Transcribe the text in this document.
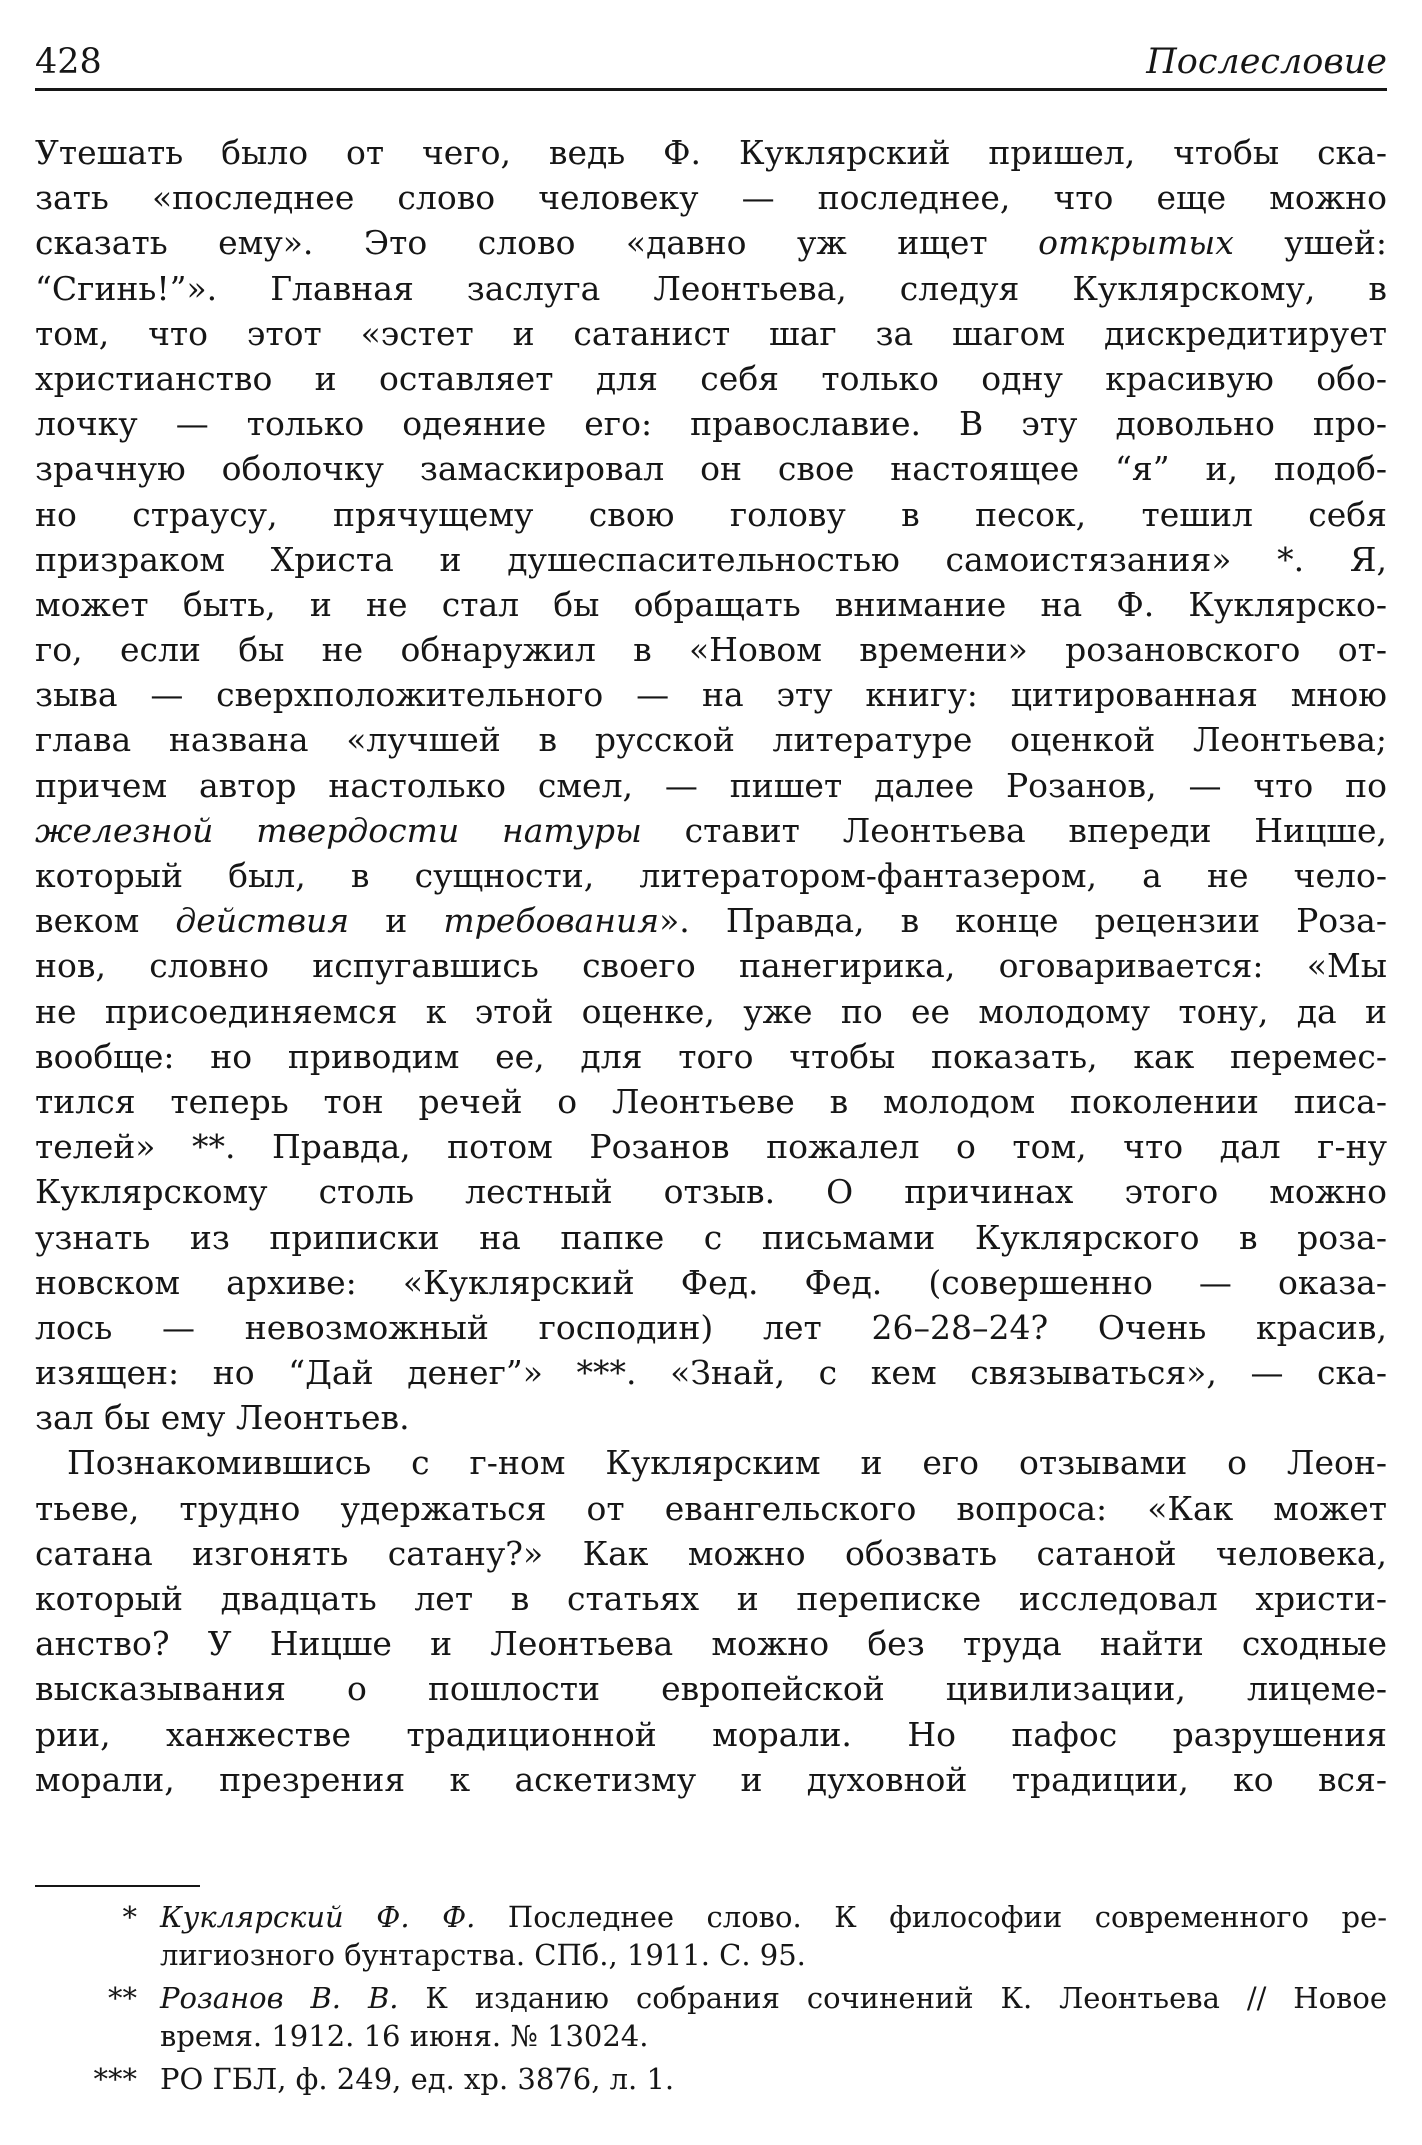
428	Послесловие
Утешать было от чего, ведь Ф. Куклярский пришел, чтобы ска-
зать «последнее слово человеку — последнее, что еще можно
сказать ему». Это слово «давно уж ищет открытых ушей:
“Сгинь!”». Главная заслуга Леонтьева, следуя Куклярскому, в
том, что этот «эстет и сатанист шаг за шагом дискредитирует
христианство и оставляет для себя только одну красивую обо-
лочку — только одеяние его: православие. В эту довольно про-
зрачную оболочку замаскировал он свое настоящее “я” и, подоб-
но страусу, прячущему свою голову в песок, тешил себя
призраком Христа и душеспасительностью самоистязания» *. Я,
может быть, и не стал бы обращать внимание на Ф. Куклярско-
го, если бы не обнаружил в «Новом времени» розановского от-
зыва — сверхположительного — на эту книгу: цитированная мною
глава названа «лучшей в русской литературе оценкой Леонтьева;
причем автор настолько смел, — пишет далее Розанов, — что по
железной твердости натуры ставит Леонтьева впереди Ницше,
который был, в сущности, литератором-фантазером, а не чело-
веком действия и требования». Правда, в конце рецензии Роза-
нов, словно испугавшись своего панегирика, оговаривается: «Мы
не присоединяемся к этой оценке, уже по ее молодому тону, да и
вообще: но приводим ее, для того чтобы показать, как перемес-
тился теперь тон речей о Леонтьеве в молодом поколении писа-
телей» **. Правда, потом Розанов пожалел о том, что дал г-ну
Куклярскому столь лестный отзыв. О причинах этого можно
узнать из приписки на папке с письмами Куклярского в роза-
новском архиве: «Куклярский Фед. Фед. (совершенно — оказа-
лось — невозможный господин) лет 26–28–24? Очень красив,
изящен: но “Дай денег”» ***. «Знай, с кем связываться», — ска-
зал бы ему Леонтьев.
Познакомившись с г-ном Куклярским и его отзывами о Леон-
тьеве, трудно удержаться от евангельского вопроса: «Как может
сатана изгонять сатану?» Как можно обозвать сатаной человека,
который двадцать лет в статьях и переписке исследовал христи-
анство? У Ницше и Леонтьева можно без труда найти сходные
высказывания о пошлости европейской цивилизации, лицеме-
рии, ханжестве традиционной морали. Но пафос разрушения
морали, презрения к аскетизму и духовной традиции, ко вся-
* Куклярский Ф. Ф. Последнее слово. К философии современного ре-
лигиозного бунтарства. СПб., 1911. С. 95.
** Розанов В. В. К изданию собрания сочинений К. Леонтьева // Новое
время. 1912. 16 июня. № 13024.
*** РО ГБЛ, ф. 249, ед. хр. 3876, л. 1.
